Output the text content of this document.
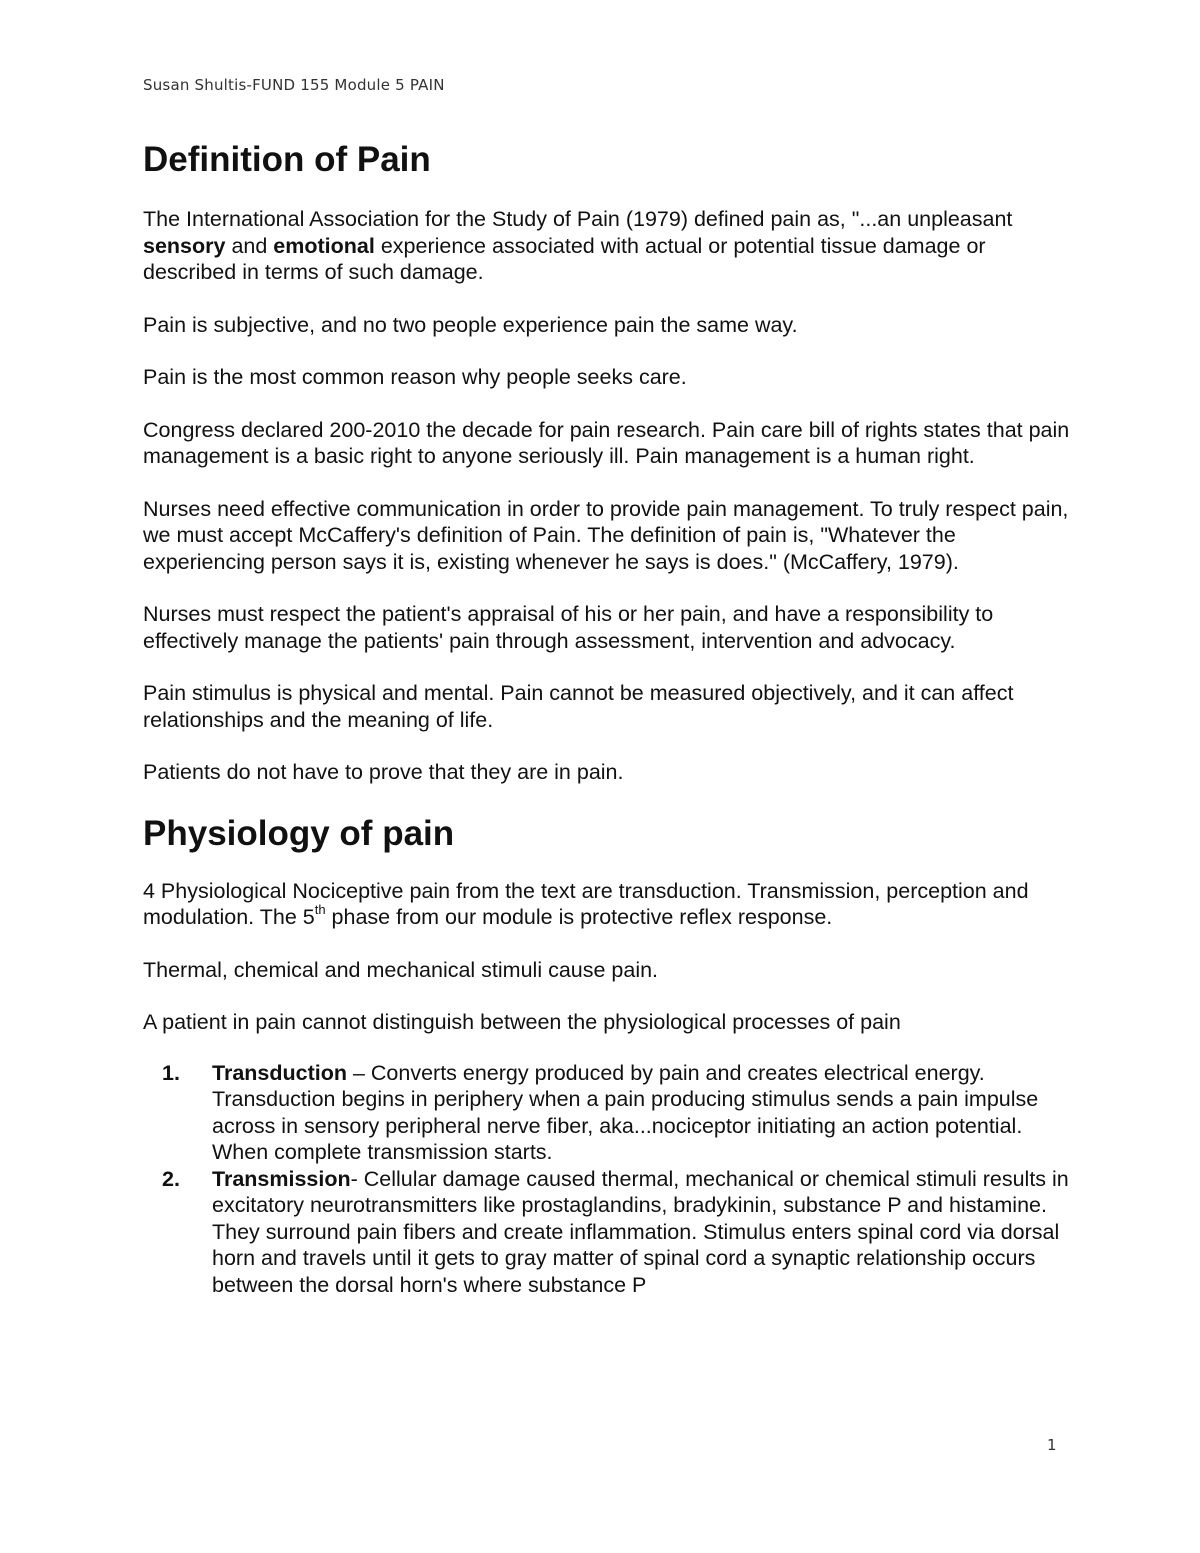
Susan Shultis-FUND 155 Module 5 PAIN
Definition of Pain

The International Association for the Study of Pain (1979) defined pain as, "...an unpleasant sensory and emotional experience associated with actual or potential tissue damage or described in terms of such damage.

Pain is subjective, and no two people experience pain the same way.

Pain is the most common reason why people seeks care.

Congress declared 200-2010 the decade for pain research. Pain care bill of rights states that pain management is a basic right to anyone seriously ill. Pain management is a human right.

Nurses need effective communication in order to provide pain management. To truly respect pain, we must accept McCaffery's definition of Pain. The definition of pain is, "Whatever the experiencing person says it is, existing whenever he says is does." (McCaffery, 1979).

Nurses must respect the patient's appraisal of his or her pain, and have a responsibility to effectively manage the patients' pain through assessment, intervention and advocacy.

Pain stimulus is physical and mental. Pain cannot be measured objectively, and it can affect relationships and the meaning of life.

Patients do not have to prove that they are in pain.

Physiology of pain

4 Physiological Nociceptive pain from the text are transduction. Transmission, perception and modulation. The 5th phase from our module is protective reflex response.

Thermal, chemical and mechanical stimuli cause pain.

A patient in pain cannot distinguish between the physiological processes of pain

1. Transduction – Converts energy produced by pain and creates electrical energy. Transduction begins in periphery when a pain producing stimulus sends a pain impulse across in sensory peripheral nerve fiber, aka...nociceptor initiating an action potential. When complete transmission starts.
2. Transmission- Cellular damage caused thermal, mechanical or chemical stimuli results in excitatory neurotransmitters like prostaglandins, bradykinin, substance P and histamine. They surround pain fibers and create inflammation. Stimulus enters spinal cord via dorsal horn and travels until it gets to gray matter of spinal cord a synaptic relationship occurs between the dorsal horn's where substance P
1
